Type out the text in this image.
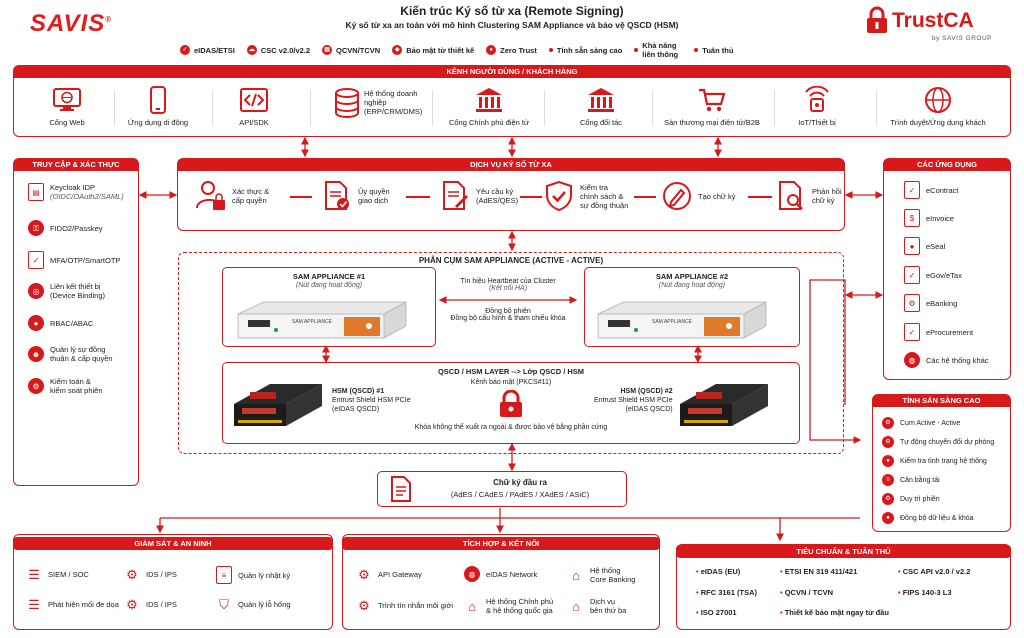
SAVIS®
Kiến trúc Ký số từ xa (Remote Signing)
Ký số từ xa an toàn với mô hình Clustering SAM Appliance và bảo vệ QSCD (HSM)	TrustCA
by SAVIS GROUP
✓ eIDAS/ETSI	☁ CSC v2.0/v2.2	▤ QCVN/TCVN	◆ Bảo mật từ thiết kế	● Zero Trust	Tính sẵn sàng cao	Khả năng liên thông	Tuân thủ
KÊNH NGƯỜI DÙNG / KHÁCH HÀNG
Cổng Web	Ứng dụng di động	API/SDK
Hệ thống doanh nghiệp (ERP/CRM/DMS)
Cổng Chính phủ điện tử	Cổng đối tác	Sàn thương mại điện tử/B2B	IoT/Thiết bị	Trình duyệt/Ứng dụng khách
TRUY CẬP & XÁC THỰC
▤	Keycloak IDP
(OIDC/OAuth2/SAML)
⚿	FIDO2/Passkey
✓	MFA/OTP/SmartOTP
◎	Liên kết thiết bị
(Device Binding)
●	RBAC/ABAC
☻	Quản lý sự đồng
thuận & cấp quyền
⚙	Kiểm toán &
kiểm soát phiên
DỊCH VỤ KÝ SỐ TỪ XA
Xác thực &
cấp quyền
Ủy quyền
giao dịch
Yêu cầu ký
(AdES/QES)
Kiểm tra
chính sách &
sự đồng thuận
Tạo chữ ký	Phản hồi
chữ ký
CÁC ỨNG DỤNG
✓	eContract
$	eInvoice
●	eSeal
✓	eGov/eTax
⚙	eBanking
✓	eProcurement
◍	Các hệ thống khác
PHÂN CỤM SAM APPLIANCE (ACTIVE - ACTIVE)
SAM APPLIANCE #1
(Nút đang hoạt động)
SAM APPLIANCE
Tín hiệu Heartbeat của Cluster
(Kết nối HA)
Đồng bộ phiên
Đồng bộ cấu hình & tham chiếu khóa
SAM APPLIANCE #2
(Nút đang hoạt động)
SAM APPLIANCE
QSCD / HSM LAYER --> Lớp QSCD / HSM
Kênh bảo mật (PKCS#11)
HSM (QSCD) #1
Entrust Shield HSM PCIe
(eIDAS QSCD)
HSM (QSCD) #2
Entrust Shield HSM PCIe
(eIDAS QSCD)
Khóa không thể xuất ra ngoài & được bảo vệ bằng phần cứng
Chữ ký đầu ra
(AdES / CAdES / PAdES / XAdES / ASiC)
TÍNH SẴN SÀNG CAO
⚙	Cụm Active - Active
⚙	Tự động chuyển đổi dự phòng
●	Kiểm tra tình trạng hệ thống
≡	Cân bằng tải
⚙	Duy trì phiên
●	Đồng bộ dữ liệu & khóa
GIÁM SÁT & AN NINH
☰ SIEM / SOC	⚙ IDS / IPS	≡	Quản lý nhật ký
☰ Phát hiện mối đe dọa ⚙ IDS / IPS	⛉	Quản lý lỗ hổng
TÍCH HỢP & KẾT NỐI
⚙ API Gateway	◍	eIDAS Network	⌂	Hệ thống
Core Banking
⚙ Trình tín nhắn môi giới	⌂	Hệ thống Chính phủ
& hệ thống quốc gia	⌂	Dịch vụ
bên thứ ba
TIÊU CHUẨN & TUÂN THỦ
• eIDAS (EU)	• ETSI EN 319 411/421	• CSC API v2.0 / v2.2
• RFC 3161 (TSA)	• QCVN / TCVN	• FIPS 140-3 L3
• ISO 27001	• Thiết kế bảo mật ngay từ đầu
